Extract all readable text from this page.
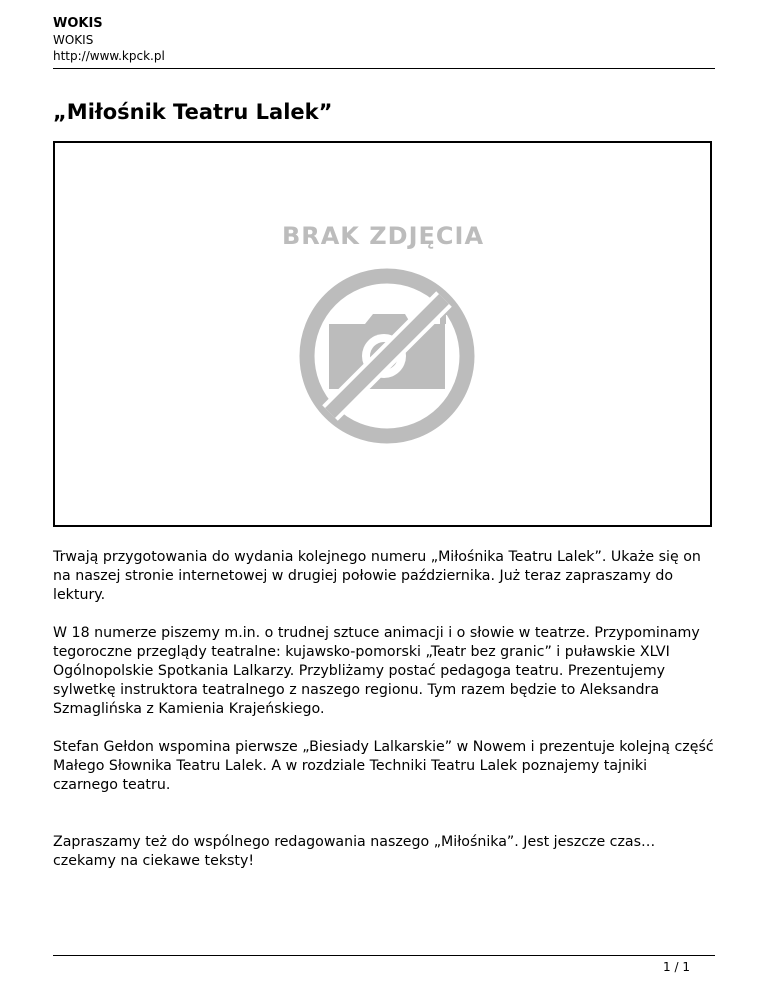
WOKIS
WOKIS
http://www.kpck.pl
„Miłośnik Teatru Lalek”
BRAK ZDJĘCIA

Trwają przygotowania do wydania kolejnego numeru „Miłośnika Teatru Lalek”. Ukaże się on na naszej stronie internetowej w drugiej połowie października. Już teraz zapraszamy do lektury.

W 18 numerze piszemy m.in. o trudnej sztuce animacji i o słowie w teatrze. Przypominamy tegoroczne przeglądy teatralne: kujawsko-pomorski „Teatr bez granic” i puławskie XLVI Ogólnopolskie Spotkania Lalkarzy. Przybliżamy postać pedagoga teatru. Prezentujemy sylwetkę instruktora teatralnego z naszego regionu. Tym razem będzie to Aleksandra Szmaglińska z Kamienia Krajeńskiego.

Stefan Gełdon wspomina pierwsze „Biesiady Lalkarskie” w Nowem i prezentuje kolejną część Małego Słownika Teatru Lalek. A w rozdziale Techniki Teatru Lalek poznajemy tajniki czarnego teatru.

Zapraszamy też do wspólnego redagowania naszego „Miłośnika”. Jest jeszcze czas… czekamy na ciekawe teksty!

1 / 1
